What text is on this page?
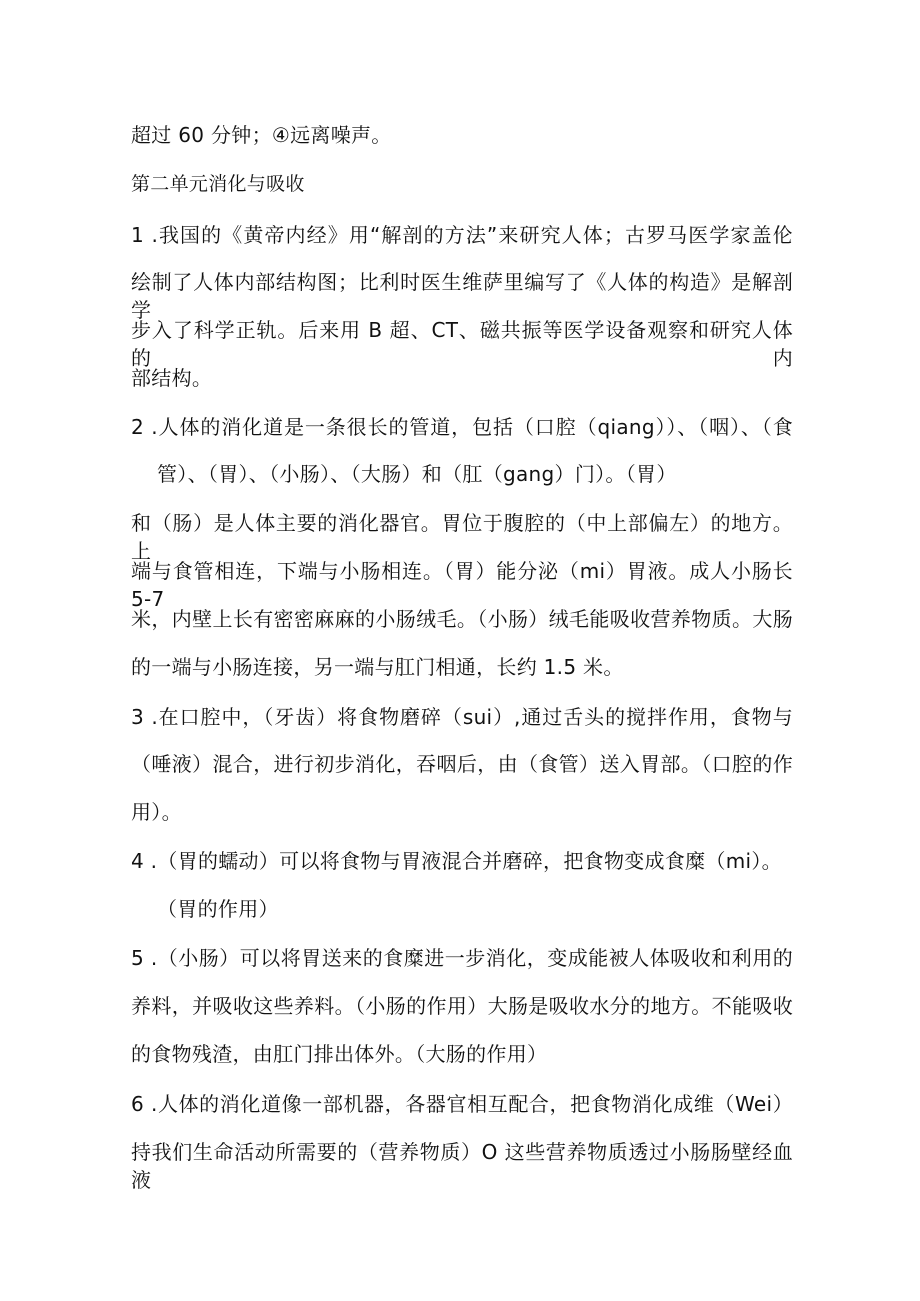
超过 60 分钟；④远离噪声。
第二单元消化与吸收
1 .我国的《黄帝内经》用“解剖的方法”来研究人体；古罗马医学家盖伦
绘制了人体内部结构图；比利时医生维萨里编写了《人体的构造》是解剖学
步入了科学正轨。后来用 B 超、CT、磁共振等医学设备观察和研究人体的内
部结构。
2 .人体的消化道是一条很长的管道，包括（口腔（qiang））、（咽）、（食
管）、（胃）、（小肠）、（大肠）和（肛（gang）门）。（胃）
和（肠）是人体主要的消化器官。胃位于腹腔的（中上部偏左）的地方。上
端与食管相连，下端与小肠相连。（胃）能分泌（mi）胃液。成人小肠长 5-7
米，内壁上长有密密麻麻的小肠绒毛。（小肠）绒毛能吸收营养物质。大肠
的一端与小肠连接，另一端与肛门相通，长约 1.5 米。
3 .在口腔中，（牙齿）将食物磨碎（sui）,通过舌头的搅拌作用，食物与
（唾液）混合，进行初步消化，吞咽后，由（食管）送入胃部。（口腔的作
用）。
4 .（胃的蠕动）可以将食物与胃液混合并磨碎，把食物变成食糜（mi）。
（胃的作用）
5 .（小肠）可以将胃送来的食糜进一步消化，变成能被人体吸收和利用的
养料，并吸收这些养料。（小肠的作用）大肠是吸收水分的地方。不能吸收
的食物残渣，由肛门排出体外。（大肠的作用）
6 .人体的消化道像一部机器，各器官相互配合，把食物消化成维（Wei）
持我们生命活动所需要的（营养物质）O 这些营养物质透过小肠肠壁经血液
